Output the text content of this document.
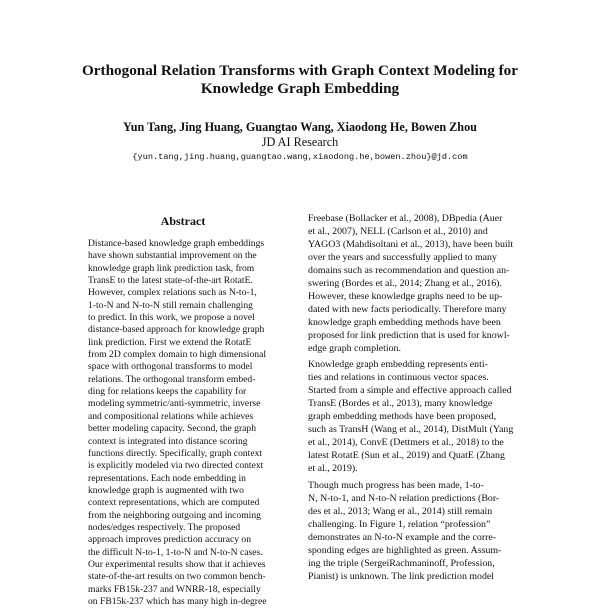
Orthogonal Relation Transforms with Graph Context Modeling for
Knowledge Graph Embedding
Yun Tang, Jing Huang, Guangtao Wang, Xiaodong He, Bowen Zhou
JD AI Research
{yun.tang,jing.huang,guangtao.wang,xiaodong.he,bowen.zhou}@jd.com
Abstract
Distance-based knowledge graph embeddings
have shown substantial improvement on the
knowledge graph link prediction task, from
TransE to the latest state-of-the-art RotatE.
However, complex relations such as N-to-1,
1-to-N and N-to-N still remain challenging
to predict. In this work, we propose a novel
distance-based approach for knowledge graph
link prediction. First we extend the RotatE
from 2D complex domain to high dimensional
space with orthogonal transforms to model
relations. The orthogonal transform embed-
ding for relations keeps the capability for
modeling symmetric/anti-symmetric, inverse
and compositional relations while achieves
better modeling capacity. Second, the graph
context is integrated into distance scoring
functions directly. Specifically, graph context
is explicitly modeled via two directed context
representations. Each node embedding in
knowledge graph is augmented with two
context representations, which are computed
from the neighboring outgoing and incoming
nodes/edges respectively. The proposed
approach improves prediction accuracy on
the difficult N-to-1, 1-to-N and N-to-N cases.
Our experimental results show that it achieves
state-of-the-art results on two common bench-
marks FB15k-237 and WNRR-18, especially
on FB15k-237 which has many high in-degree
Freebase (Bollacker et al., 2008), DBpedia (Auer
et al., 2007), NELL (Carlson et al., 2010) and
YAGO3 (Mahdisoltani et al., 2013), have been built
over the years and successfully applied to many
domains such as recommendation and question an-
swering (Bordes et al., 2014; Zhang et al., 2016).
However, these knowledge graphs need to be up-
dated with new facts periodically. Therefore many
knowledge graph embedding methods have been
proposed for link prediction that is used for knowl-
edge graph completion.
Knowledge graph embedding represents enti-
ties and relations in continuous vector spaces.
Started from a simple and effective approach called
TransE (Bordes et al., 2013), many knowledge
graph embedding methods have been proposed,
such as TransH (Wang et al., 2014), DistMult (Yang
et al., 2014), ConvE (Dettmers et al., 2018) to the
latest RotatE (Sun et al., 2019) and QuatE (Zhang
et al., 2019).
Though much progress has been made, 1-to-
N, N-to-1, and N-to-N relation predictions (Bor-
des et al., 2013; Wang et al., 2014) still remain
challenging. In Figure 1, relation “profession”
demonstrates an N-to-N example and the corre-
sponding edges are highlighted as green. Assum-
ing the triple (SergeiRachmaninoff, Profession,
Pianist) is unknown. The link prediction model
